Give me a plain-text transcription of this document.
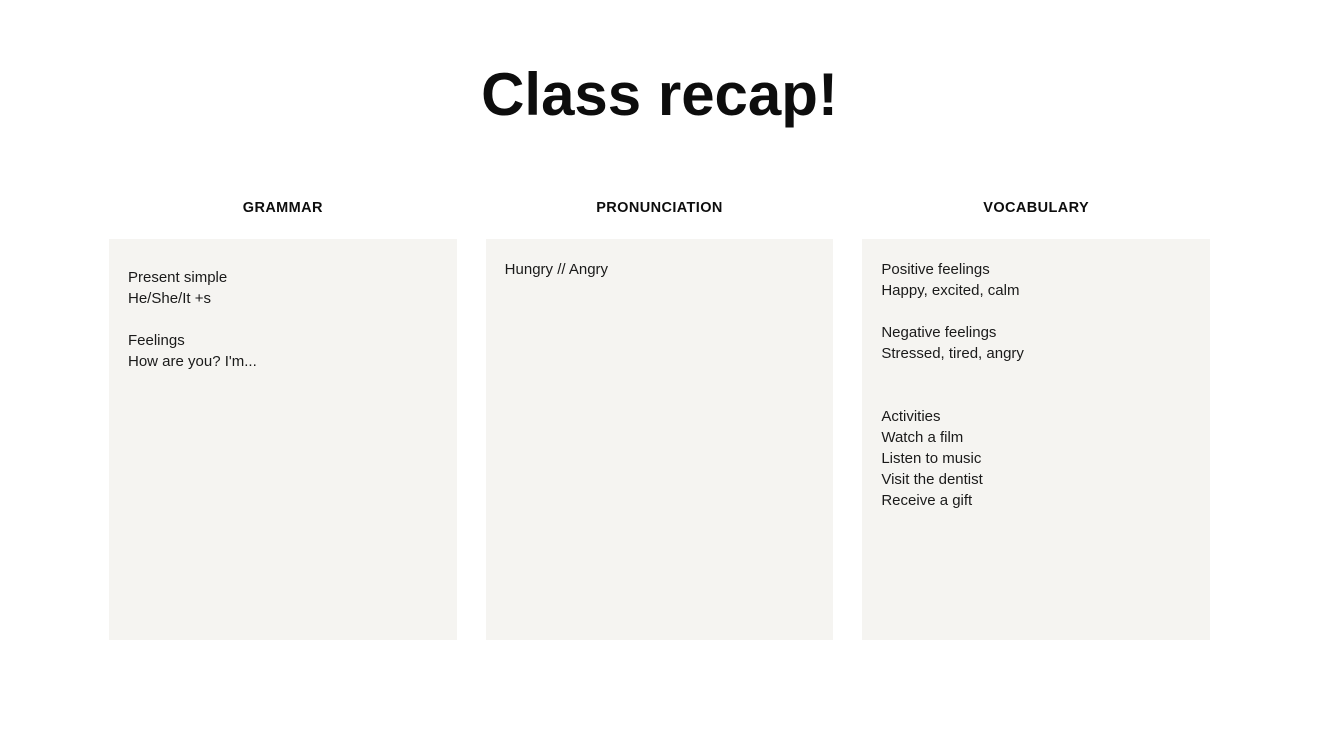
Class recap!
GRAMMAR
Present simple
He/She/It +s

Feelings
How are you? I'm...
PRONUNCIATION
Hungry // Angry
VOCABULARY
Positive feelings
Happy, excited, calm

Negative feelings
Stressed, tired, angry

Activities
Watch a film
Listen to music
Visit the dentist
Receive a gift
